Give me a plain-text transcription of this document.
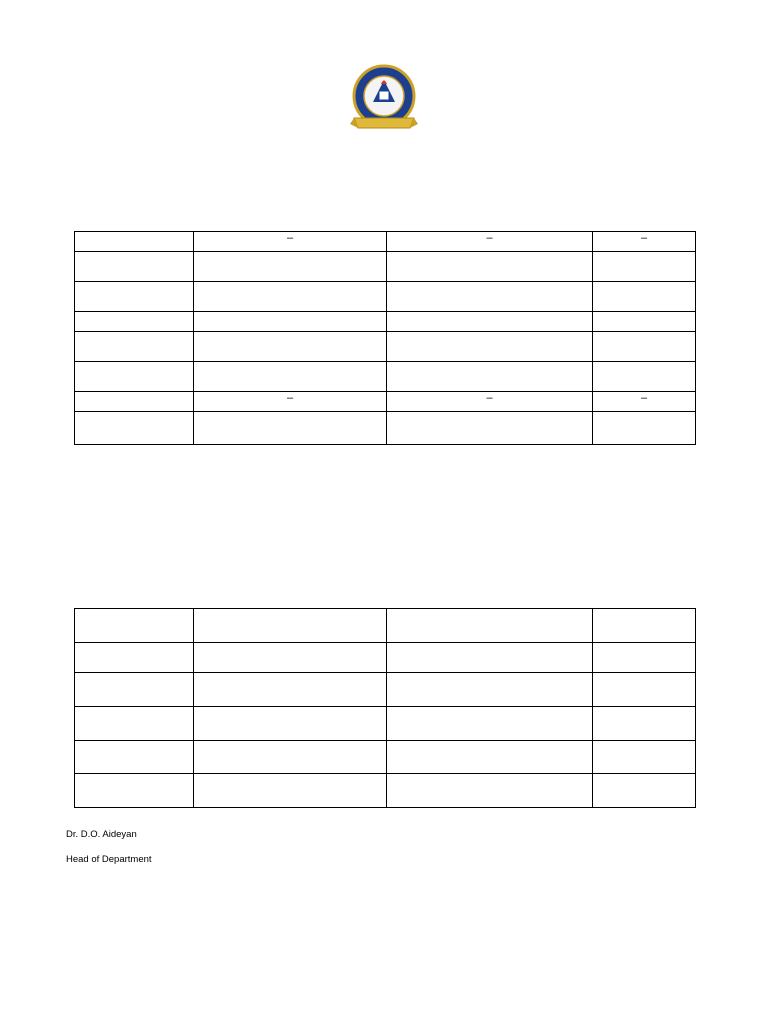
	–	–	–

	–	–	–

Dr. D.O. Aideyan
Head of Department
